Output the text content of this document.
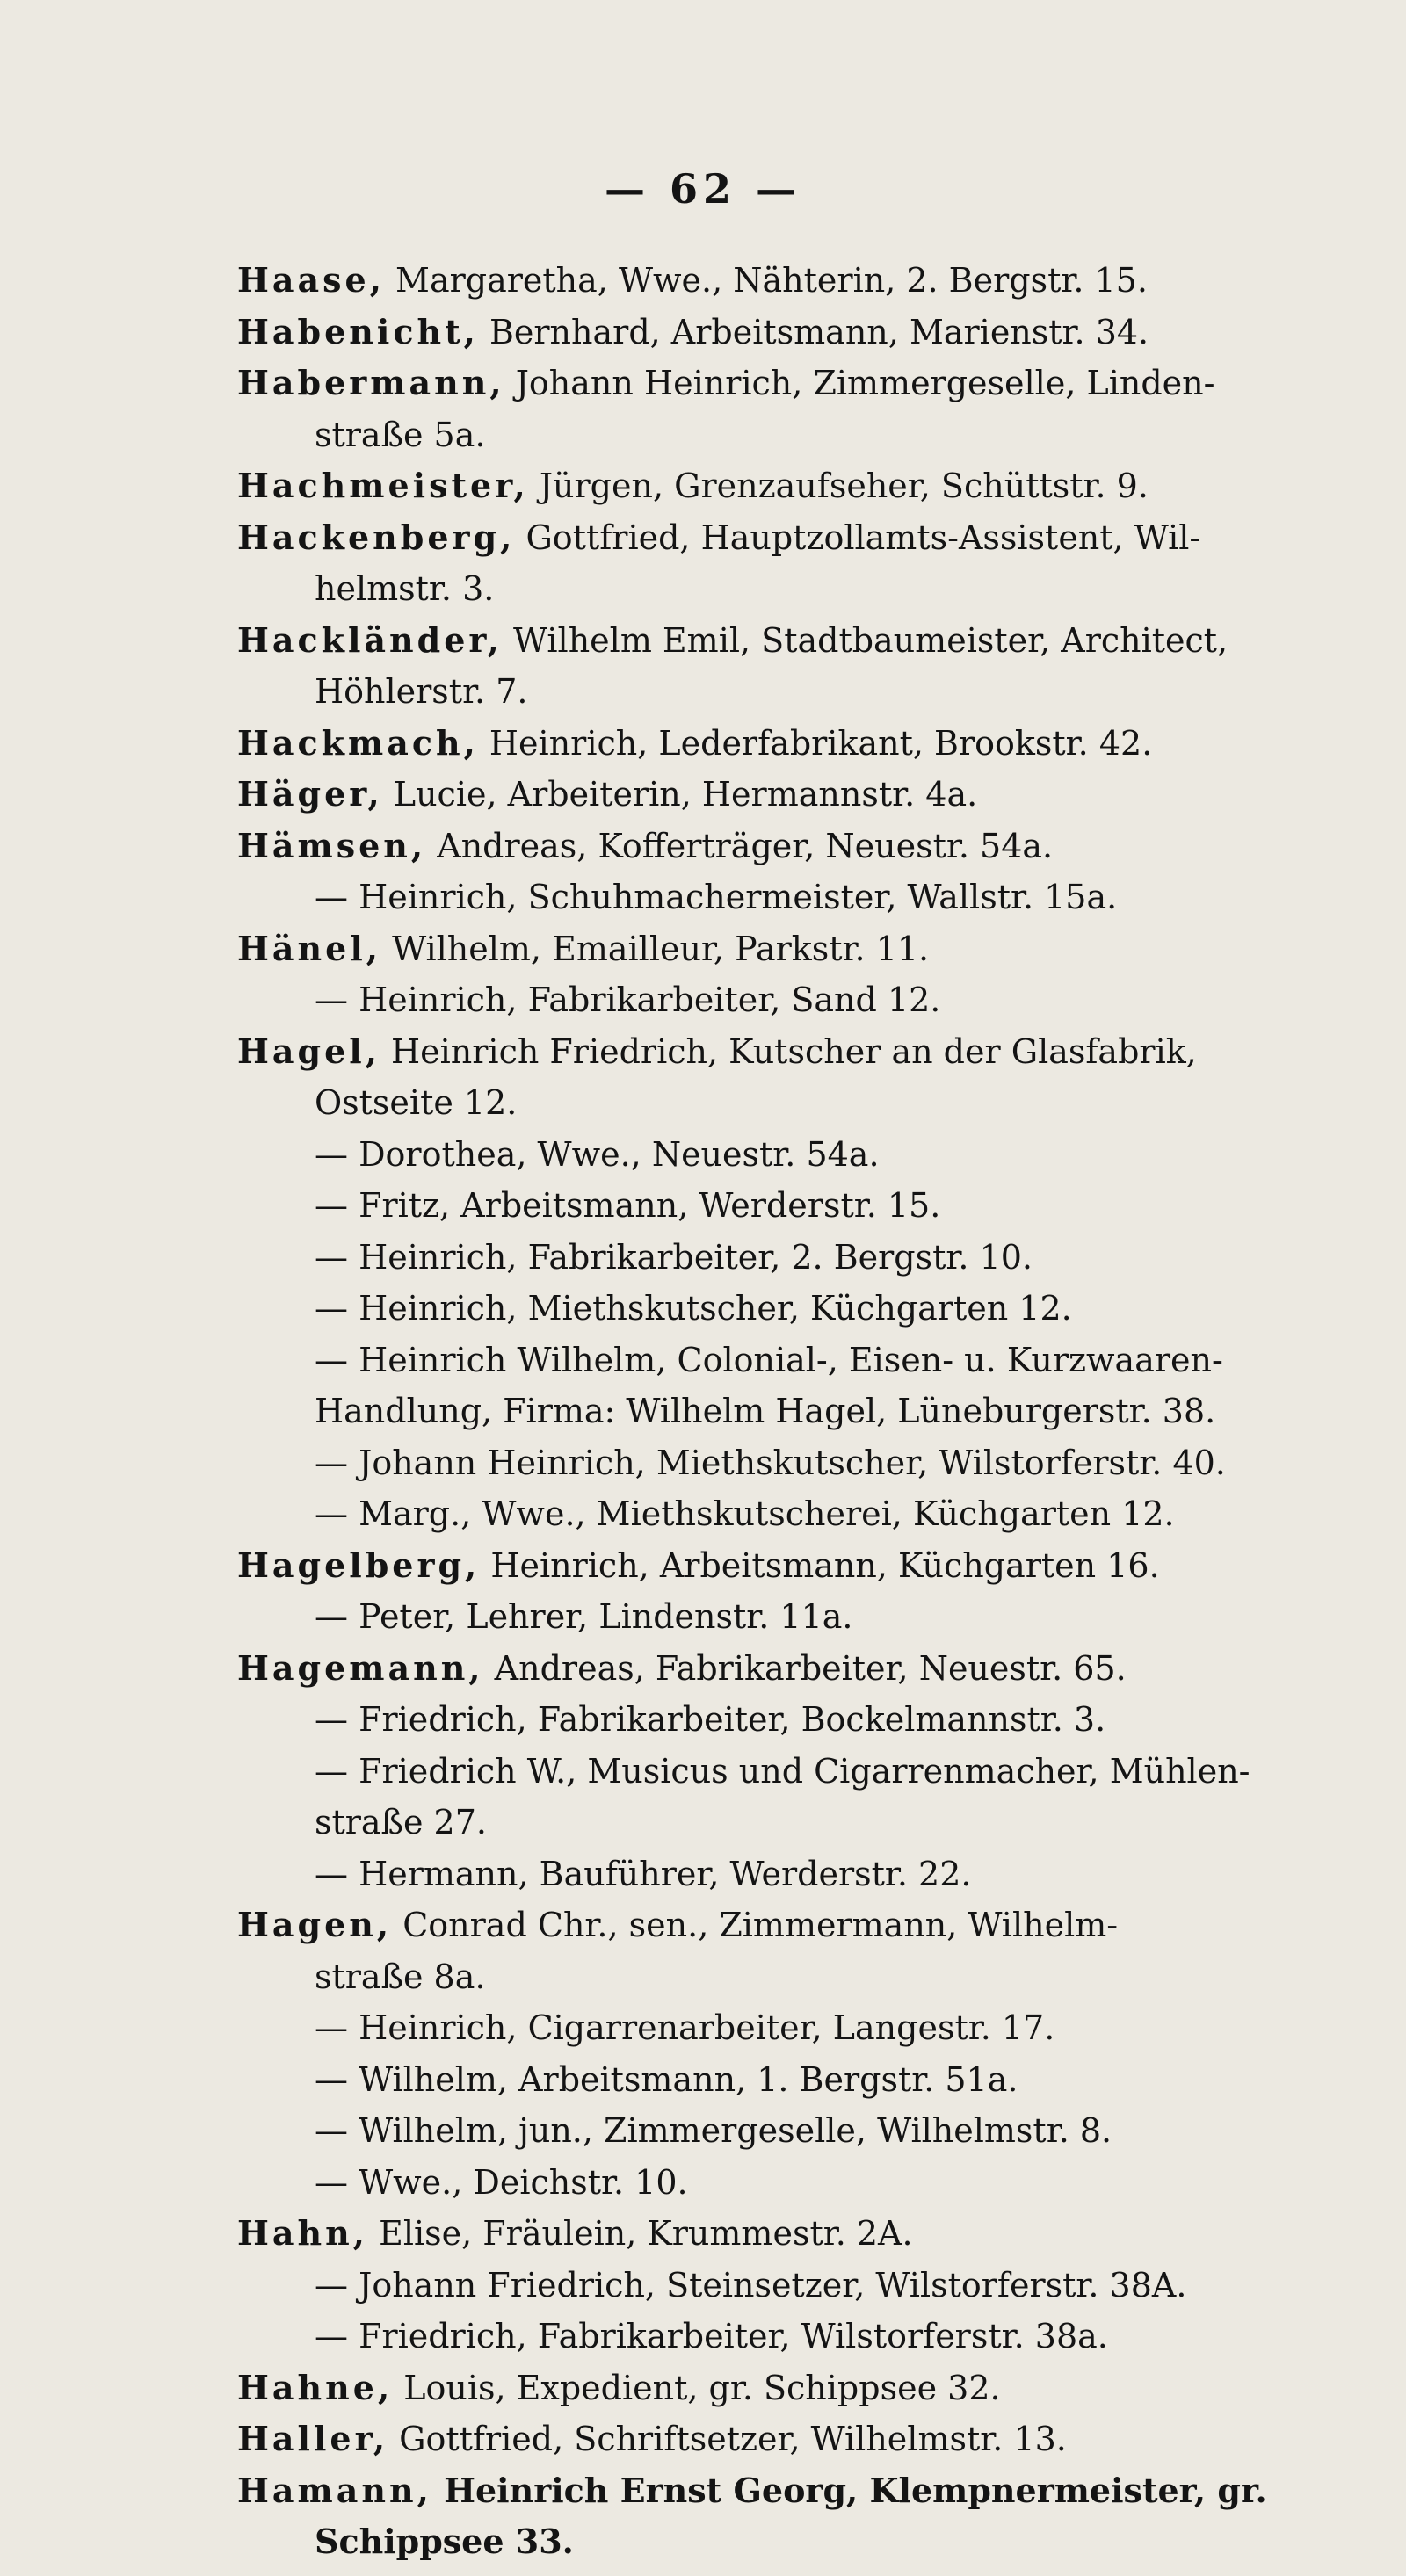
— 62 —
Haase, Margaretha, Wwe., Nähterin, 2. Bergstr. 15.
Habenicht, Bernhard, Arbeitsmann, Marienstr. 34.
Habermann, Johann Heinrich, Zimmergeselle, Linden-
straße 5a.
Hachmeister, Jürgen, Grenzaufseher, Schüttstr. 9.
Hackenberg, Gottfried, Hauptzollamts-Assistent, Wil-
helmstr. 3.
Hackländer, Wilhelm Emil, Stadtbaumeister, Architect,
Höhlerstr. 7.
Hackmach, Heinrich, Lederfabrikant, Brookstr. 42.
Häger, Lucie, Arbeiterin, Hermannstr. 4a.
Hämsen, Andreas, Kofferträger, Neuestr. 54a.
— Heinrich, Schuhmachermeister, Wallstr. 15a.
Hänel, Wilhelm, Emailleur, Parkstr. 11.
— Heinrich, Fabrikarbeiter, Sand 12.
Hagel, Heinrich Friedrich, Kutscher an der Glasfabrik,
Ostseite 12.
— Dorothea, Wwe., Neuestr. 54a.
— Fritz, Arbeitsmann, Werderstr. 15.
— Heinrich, Fabrikarbeiter, 2. Bergstr. 10.
— Heinrich, Miethskutscher, Küchgarten 12.
— Heinrich Wilhelm, Colonial-, Eisen- u. Kurzwaaren-
Handlung, Firma: Wilhelm Hagel, Lüneburgerstr. 38.
— Johann Heinrich, Miethskutscher, Wilstorferstr. 40.
— Marg., Wwe., Miethskutscherei, Küchgarten 12.
Hagelberg, Heinrich, Arbeitsmann, Küchgarten 16.
— Peter, Lehrer, Lindenstr. 11a.
Hagemann, Andreas, Fabrikarbeiter, Neuestr. 65.
— Friedrich, Fabrikarbeiter, Bockelmannstr. 3.
— Friedrich W., Musicus und Cigarrenmacher, Mühlen-
straße 27.
— Hermann, Bauführer, Werderstr. 22.
Hagen, Conrad Chr., sen., Zimmermann, Wilhelm-
straße 8a.
— Heinrich, Cigarrenarbeiter, Langestr. 17.
— Wilhelm, Arbeitsmann, 1. Bergstr. 51a.
— Wilhelm, jun., Zimmergeselle, Wilhelmstr. 8.
— Wwe., Deichstr. 10.
Hahn, Elise, Fräulein, Krummestr. 2A.
— Johann Friedrich, Steinsetzer, Wilstorferstr. 38A.
— Friedrich, Fabrikarbeiter, Wilstorferstr. 38a.
Hahne, Louis, Expedient, gr. Schippsee 32.
Haller, Gottfried, Schriftsetzer, Wilhelmstr. 13.
Hamann, Heinrich Ernst Georg, Klempnermeister, gr.
Schippsee 33.
